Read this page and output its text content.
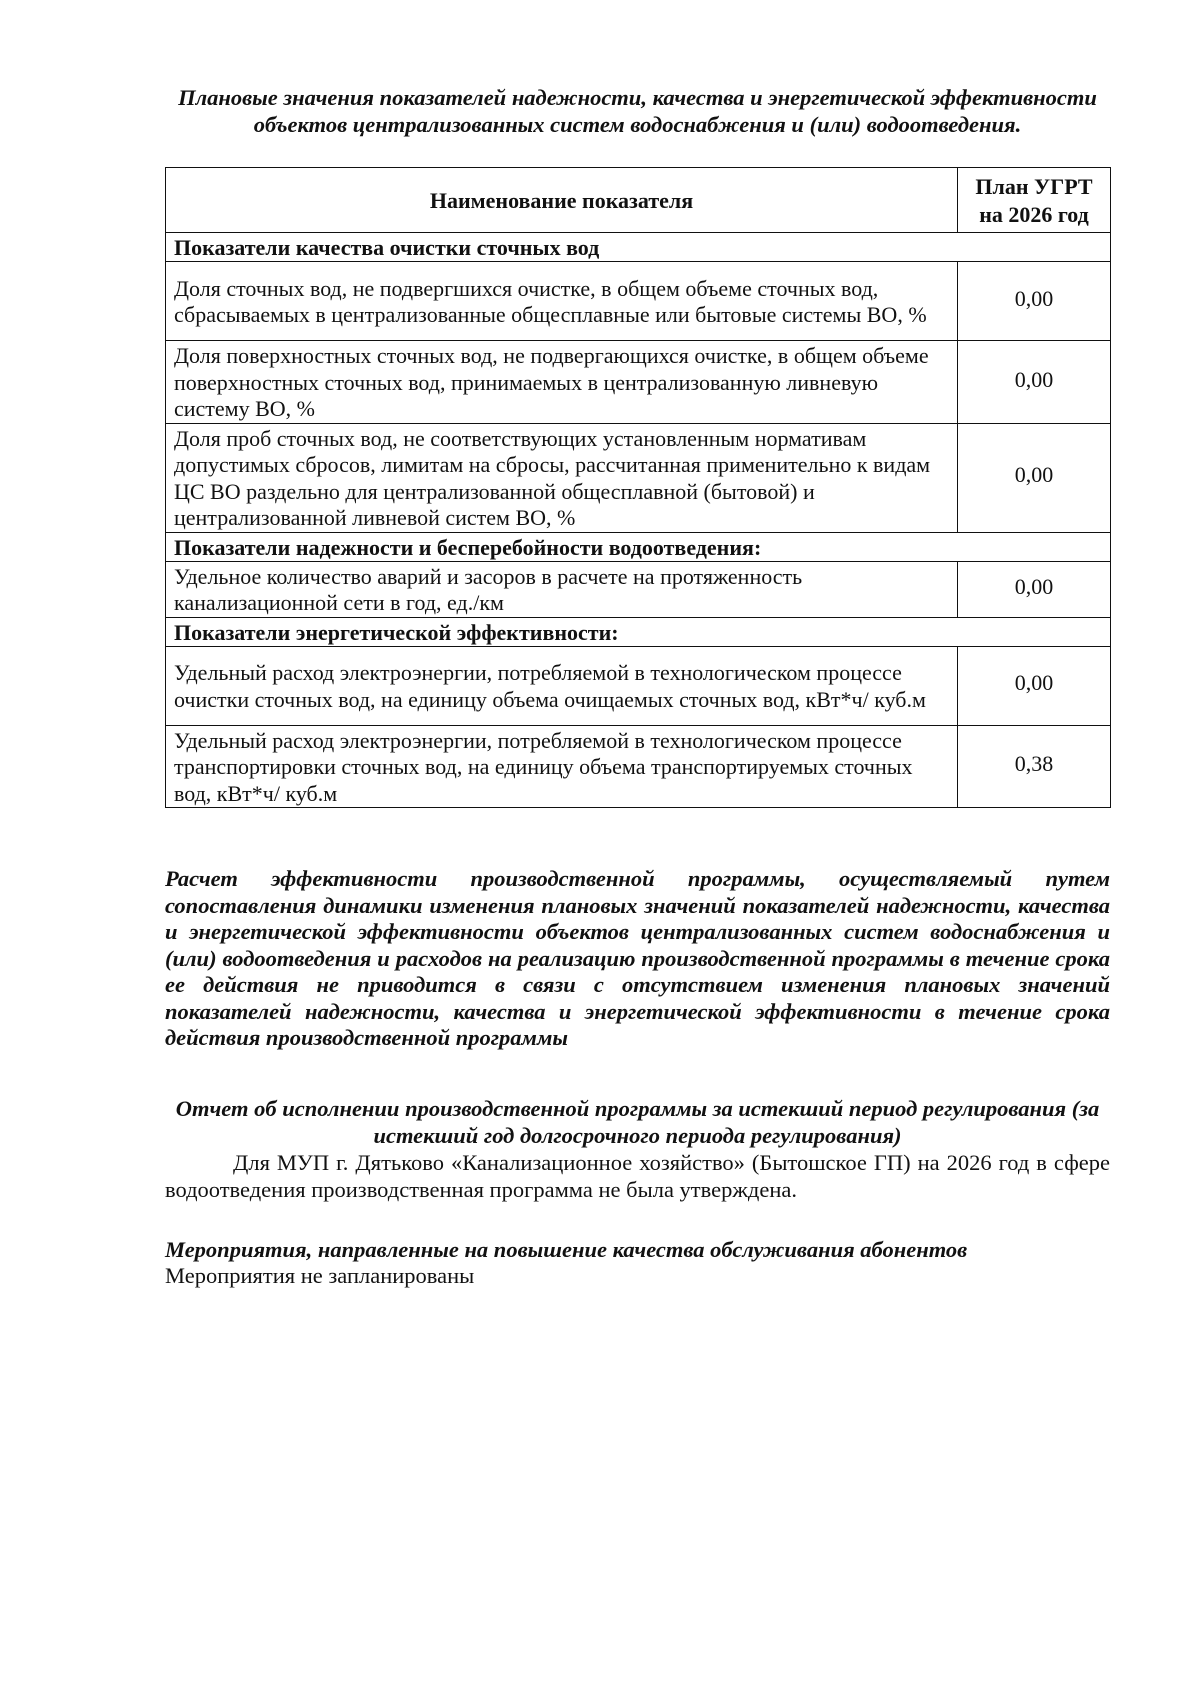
Плановые значения показателей надежности, качества и энергетической эффективности объектов централизованных систем водоснабжения и (или) водоотведения.
Наименование показателя	План УГРТ
на 2026 год
Показатели качества очистки сточных вод	
Доля сточных вод, не подвергшихся очистке, в общем объеме сточных вод, сбрасываемых в централизованные общесплавные или бытовые системы ВО, %	0,00

Доля поверхностных сточных вод, не подвергающихся очистке, в общем объеме поверхностных сточных вод, принимаемых в централизованную ливневую систему ВО, %	0,00

Доля проб сточных вод, не соответствующих установленным нормативам допустимых сбросов, лимитам на сбросы, рассчитанная применительно к видам ЦС ВО раздельно для централизованной общесплавной (бытовой) и централизованной ливневой систем ВО, %	0,00

Показатели надежности и бесперебойности водоотведения:	
Удельное количество аварий и засоров в расчете на протяженность канализационной сети в год, ед./км	0,00

Показатели энергетической эффективности:	
Удельный расход электроэнергии, потребляемой в технологическом процессе очистки сточных вод, на единицу объема очищаемых сточных вод, кВт*ч/ куб.м	0,00

Удельный расход электроэнергии, потребляемой в технологическом процессе транспортировки сточных вод, на единицу объема транспортируемых сточных вод, кВт*ч/ куб.м	0,38
Расчет эффективности производственной программы, осуществляемый путем сопоставления динамики изменения плановых значений показателей надежности, качества и энергетической эффективности объектов централизованных систем водоснабжения и (или) водоотведения и расходов на реализацию производственной программы в течение срока ее действия не приводится в связи с отсутствием изменения плановых значений показателей надежности, качества и энергетической эффективности в течение срока действия производственной программы
Отчет об исполнении производственной программы за истекший период регулирования (за истекший год долгосрочного периода регулирования)
Для МУП г. Дятьково «Канализационное хозяйство» (Бытошское ГП) на 2026 год в сфере водоотведения производственная программа не была утверждена.
Мероприятия, направленные на повышение качества обслуживания абонентов
Мероприятия не запланированы
